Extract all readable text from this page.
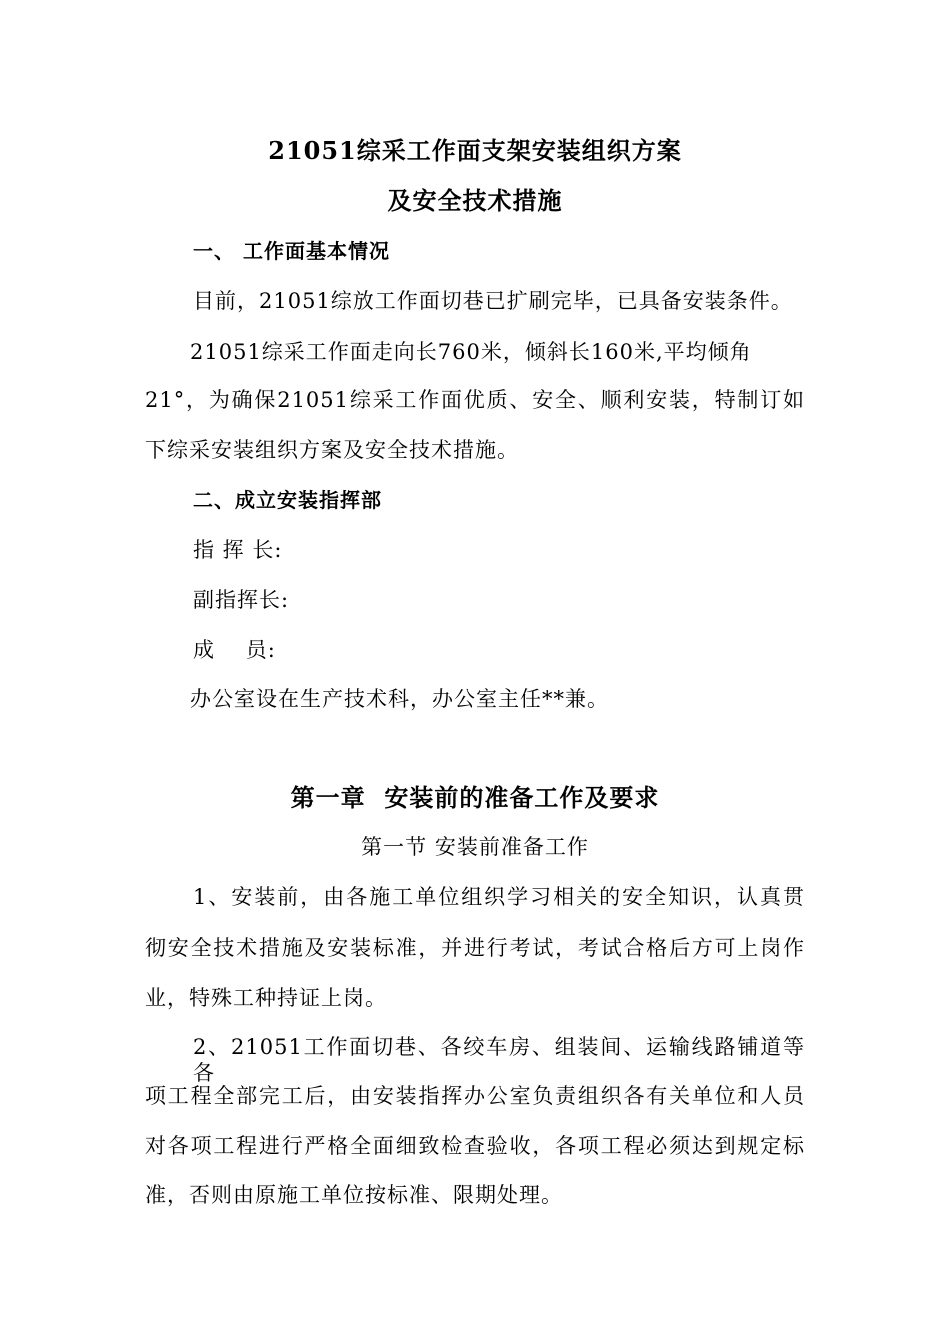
21051综采工作面支架安装组织方案
及安全技术措施
一、 工作面基本情况
目前，21051综放工作面切巷已扩刷完毕，已具备安装条件。
21051综采工作面走向长760米，倾斜长160米,平均倾角
21°，为确保21051综采工作面优质、安全、顺利安装，特制订如
下综采安装组织方案及安全技术措施。
二、成立安装指挥部
指 挥 长:
副指挥长:
成    员:
办公室设在生产技术科，办公室主任**兼。
第一章  安装前的准备工作及要求
第一节 安装前准备工作
1、安装前，由各施工单位组织学习相关的安全知识，认真贯
彻安全技术措施及安装标准，并进行考试，考试合格后方可上岗作
业，特殊工种持证上岗。
2、21051工作面切巷、各绞车房、组装间、运输线路铺道等各
项工程全部完工后，由安装指挥办公室负责组织各有关单位和人员
对各项工程进行严格全面细致检查验收，各项工程必须达到规定标
准，否则由原施工单位按标准、限期处理。
